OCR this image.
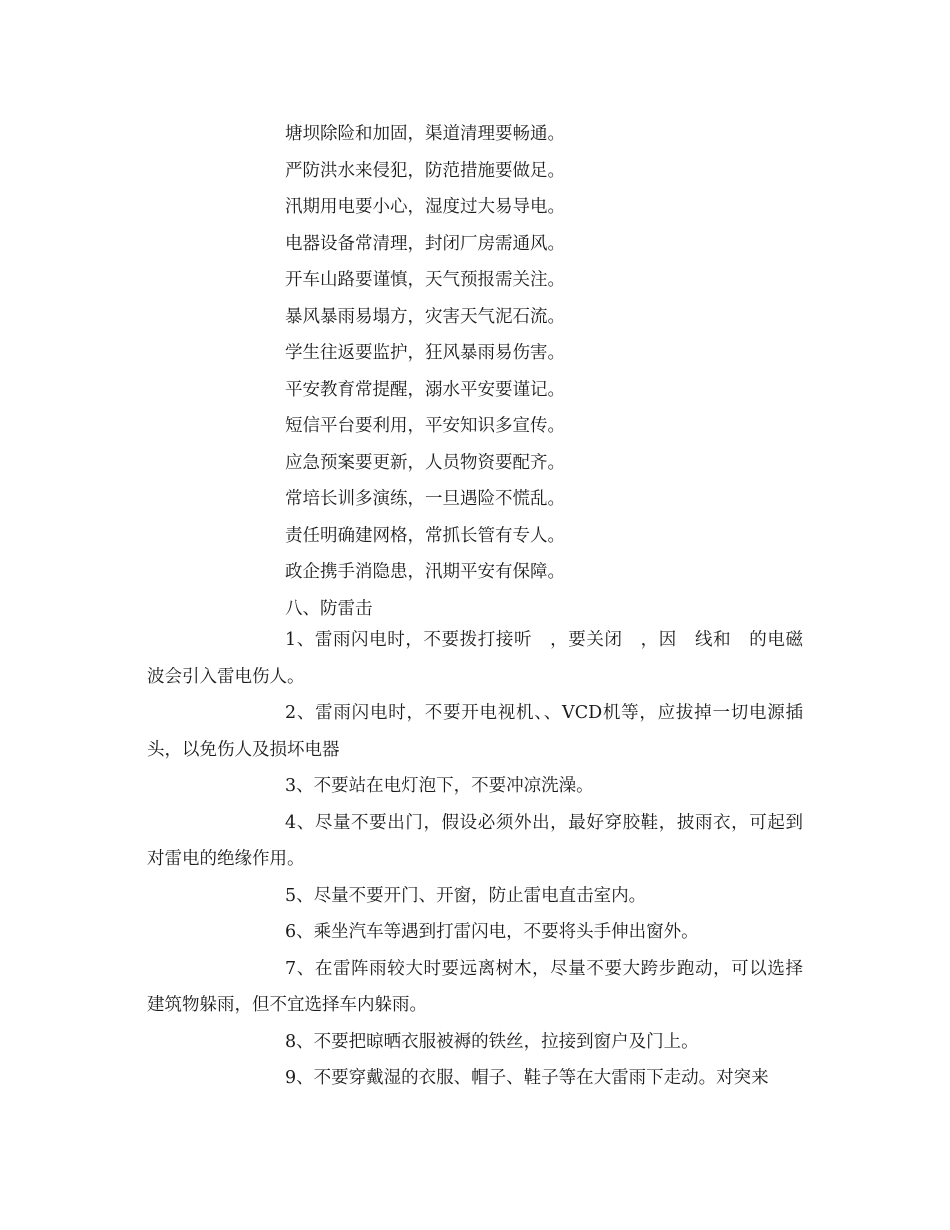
塘坝除险和加固，渠道清理要畅通。
严防洪水来侵犯，防范措施要做足。
汛期用电要小心，湿度过大易导电。
电器设备常清理，封闭厂房需通风。
开车山路要谨慎，天气预报需关注。
暴风暴雨易塌方，灾害天气泥石流。
学生往返要监护，狂风暴雨易伤害。
平安教育常提醒，溺水平安要谨记。
短信平台要利用，平安知识多宣传。
应急预案要更新，人员物资要配齐。
常培长训多演练，一旦遇险不慌乱。
责任明确建网格，常抓长管有专人。
政企携手消隐患，汛期平安有保障。
八、防雷击

1、雷雨闪电时，不要拨打接听　，要关闭　，因　线和　的电磁波会引入雷电伤人。

2、雷雨闪电时，不要开电视机、、VCD机等，应拔掉一切电源插头，以免伤人及损坏电器

3、不要站在电灯泡下，不要冲凉洗澡。

4、尽量不要出门，假设必须外出，最好穿胶鞋，披雨衣，可起到对雷电的绝缘作用。

5、尽量不要开门、开窗，防止雷电直击室内。

6、乘坐汽车等遇到打雷闪电，不要将头手伸出窗外。

7、在雷阵雨较大时要远离树木，尽量不要大跨步跑动，可以选择建筑物躲雨，但不宜选择车内躲雨。

8、不要把晾晒衣服被褥的铁丝，拉接到窗户及门上。

9、不要穿戴湿的衣服、帽子、鞋子等在大雷雨下走动。对突来
